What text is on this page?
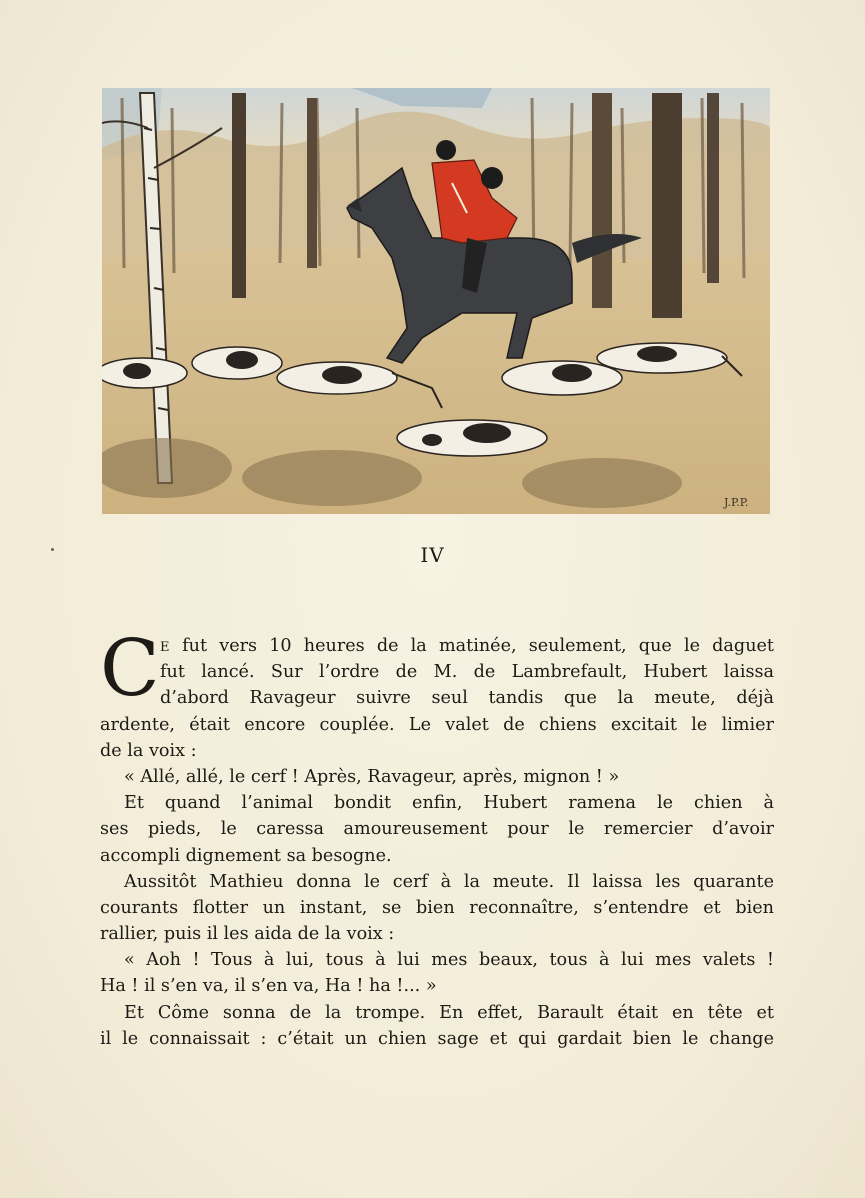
J.P.P.
IV
C E fut vers 10 heures de la matinée, seulement, que le daguet
fut lancé. Sur l’ordre de M. de Lambrefault, Hubert laissa
d’abord Ravageur suivre seul tandis que la meute, déjà
ardente, était encore couplée. Le valet de chiens excitait le limier
de la voix :
« Allé, allé, le cerf ! Après, Ravageur, après, mignon ! »
Et quand l’animal bondit enfin, Hubert ramena le chien à
ses pieds, le caressa amoureusement pour le remercier d’avoir
accompli dignement sa besogne.
Aussitôt Mathieu donna le cerf à la meute. Il laissa les quarante
courants flotter un instant, se bien reconnaître, s’entendre et bien
rallier, puis il les aida de la voix :
« Aoh ! Tous à lui, tous à lui mes beaux, tous à lui mes valets !
Ha ! il s’en va, il s’en va, Ha ! ha !... »
Et Côme sonna de la trompe. En effet, Barault était en tête et
il le connaissait : c’était un chien sage et qui gardait bien le change
